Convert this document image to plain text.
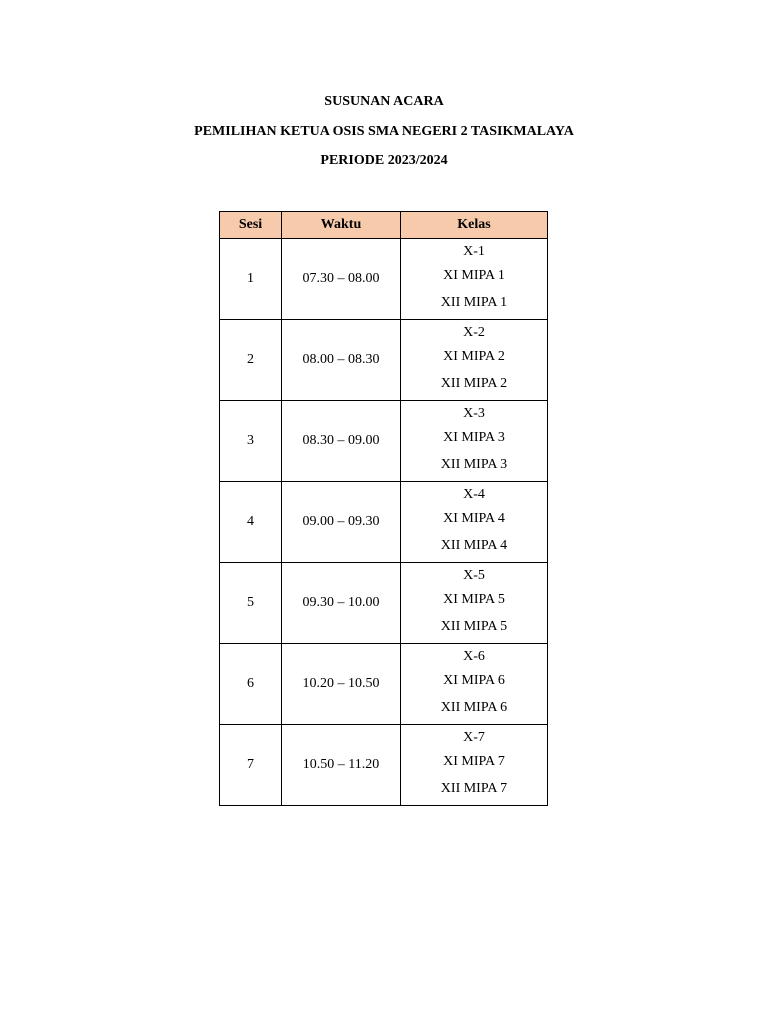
SUSUNAN ACARA
PEMILIHAN KETUA OSIS SMA NEGERI 2 TASIKMALAYA
PERIODE 2023/2024
Sesi	Waktu	Kelas
1	07.30 – 08.00	X-1
XI MIPA 1
XII MIPA 1

2	08.00 – 08.30	X-2
XI MIPA 2
XII MIPA 2

3	08.30 – 09.00	X-3
XI MIPA 3
XII MIPA 3

4	09.00 – 09.30	X-4
XI MIPA 4
XII MIPA 4

5	09.30 – 10.00	X-5
XI MIPA 5
XII MIPA 5

6	10.20 – 10.50	X-6
XI MIPA 6
XII MIPA 6

7	10.50 – 11.20	X-7
XI MIPA 7
XII MIPA 7
